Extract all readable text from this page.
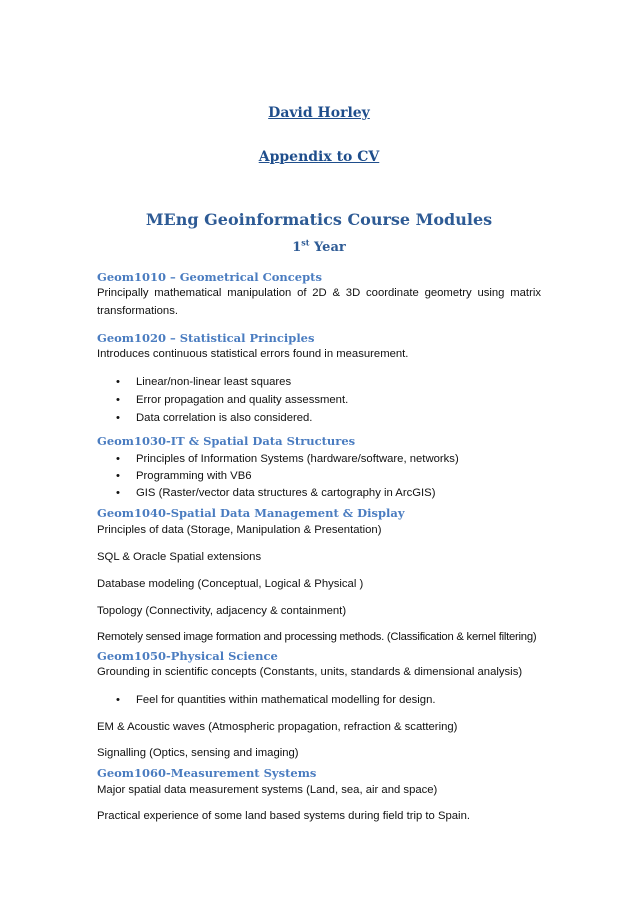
David Horley
Appendix to CV
MEng Geoinformatics Course Modules
1st Year
Geom1010 – Geometrical Concepts
Principally mathematical manipulation of 2D & 3D coordinate geometry using matrix transformations.
Geom1020 – Statistical Principles
Introduces continuous statistical errors found in measurement.
• Linear/non-linear least squares
• Error propagation and quality assessment.
• Data correlation is also considered.
Geom1030-IT & Spatial Data Structures
• Principles of Information Systems (hardware/software, networks)
• Programming with VB6
• GIS (Raster/vector data structures & cartography in ArcGIS)
Geom1040-Spatial Data Management & Display
Principles of data (Storage, Manipulation & Presentation)
SQL & Oracle Spatial extensions
Database modeling (Conceptual, Logical & Physical )
Topology (Connectivity, adjacency & containment)
Remotely sensed image formation and processing methods. (Classification & kernel filtering)
Geom1050-Physical Science
Grounding in scientific concepts (Constants, units, standards & dimensional analysis)
• Feel for quantities within mathematical modelling for design.
EM & Acoustic waves (Atmospheric propagation, refraction & scattering)
Signalling (Optics, sensing and imaging)
Geom1060-Measurement Systems
Major spatial data measurement systems (Land, sea, air and space)
Practical experience of some land based systems during field trip to Spain.
